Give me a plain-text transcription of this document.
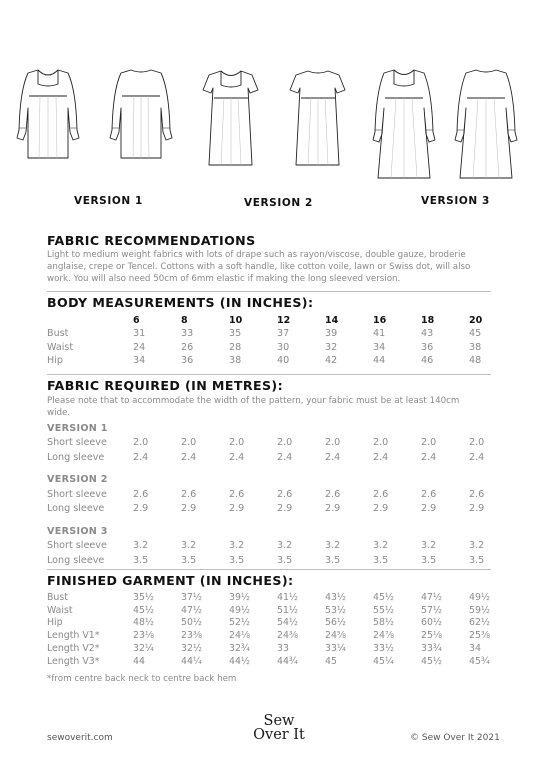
VERSION 1	VERSION 2	VERSION 3
FABRIC RECOMMENDATIONS
Light to medium weight fabrics with lots of drape such as rayon/viscose, double gauze, broderie anglaise, crepe or Tencel. Cottons with a soft handle, like cotton voile, lawn or Swiss dot, will also work. You will also need 50cm of 6mm elastic if making the long sleeved version.
BODY MEASUREMENTS (IN INCHES):
	6	8	10	12	14	16	18	20
Bust	31	33	35	37	39	41	43	45
Waist	24	26	28	30	32	34	36	38
Hip	34	36	38	40	42	44	46	48
FABRIC REQUIRED (IN METRES):
Please note that to accommodate the width of the pattern, your fabric must be at least 140cm wide.
VERSION 1								
Short sleeve	2.0	2.0	2.0	2.0	2.0	2.0	2.0	2.0
Long sleeve	2.4	2.4	2.4	2.4	2.4	2.4	2.4	2.4

VERSION 2								
Short sleeve	2.6	2.6	2.6	2.6	2.6	2.6	2.6	2.6
Long sleeve	2.9	2.9	2.9	2.9	2.9	2.9	2.9	2.9

VERSION 3								
Short sleeve	3.2	3.2	3.2	3.2	3.2	3.2	3.2	3.2
Long sleeve	3.5	3.5	3.5	3.5	3.5	3.5	3.5	3.5
FINISHED GARMENT (IN INCHES):
Bust	35½	37½	39½	41½	43½	45½	47½	49½
Waist	45½	47½	49½	51½	53½	55½	57½	59½
Hip	48½	50½	52½	54½	56½	58½	60½	62½
Length V1*	23⅛	23⅜	24⅛	24⅜	24⅝	24⅞	25⅛	25⅜
Length V2*	32¼	32½	32¾	33	33¼	33½	33¾	34
Length V3*	44	44¼	44½	44¾	45	45¼	45½	45¾
*from centre back neck to centre back hem
sewoverit.com
Sew
Over It	© Sew Over It 2021
